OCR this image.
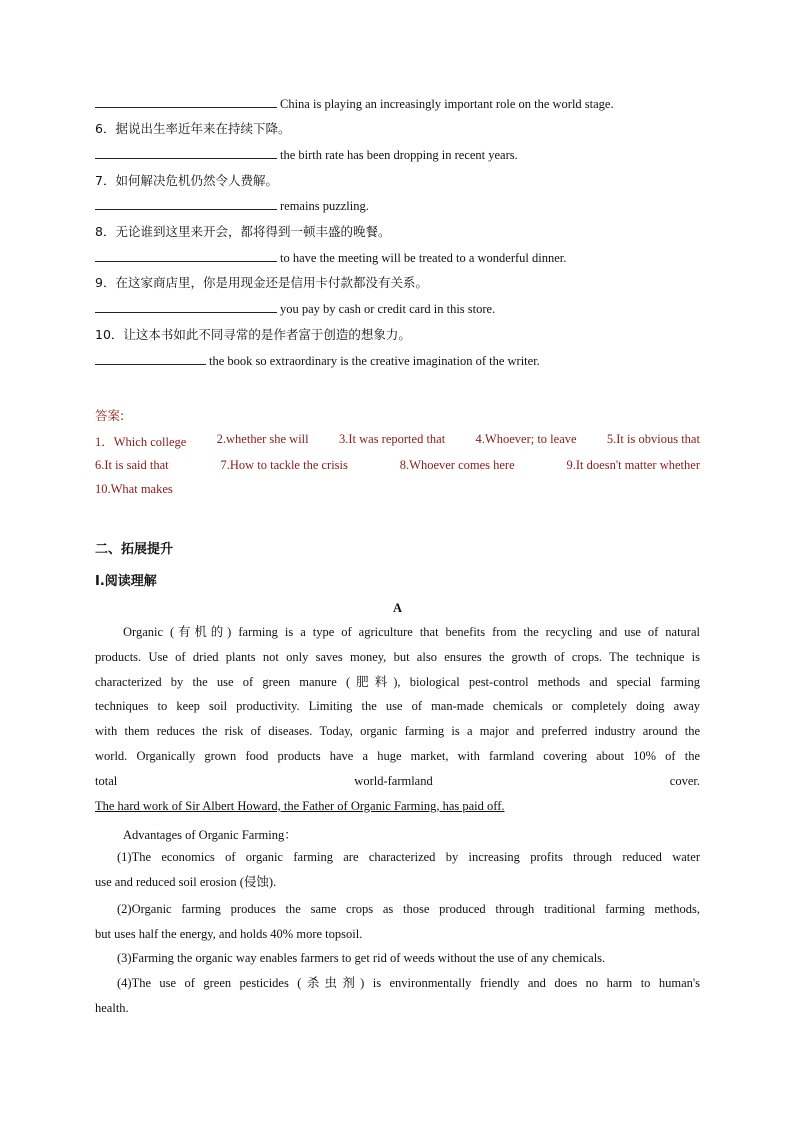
China is playing an increasingly important role on the world stage.
6．据说出生率近年来在持续下降。
the birth rate has been dropping in recent years.
7．如何解决危机仍然令人费解。
remains puzzling.
8．无论谁到这里来开会，都将得到一顿丰盛的晚餐。
to have the meeting will be treated to a wonderful dinner.
9．在这家商店里，你是用现金还是信用卡付款都没有关系。
you pay by cash or credit card in this store.
10．让这本书如此不同寻常的是作者富于创造的想象力。
the book so extraordinary is the creative imagination of the writer.
答案:
1．Which college 2.whether she will 3.It was reported that 4.Whoever; to leave 5.It is obvious that
6.It is said that	7.How to tackle the crisis	8.Whoever comes here	9.It doesn't matter whether
10.What makes
二、拓展提升
I.阅读理解
A
Organic (有机的) farming is a type of agriculture that benefits from the recycling and use of natural
products. Use of dried plants not only saves money, but also ensures the growth of crops. The technique is
characterized by the use of green manure (肥料), biological pest-control methods and special farming
techniques to keep soil productivity. Limiting the use of man-made chemicals or completely doing away
with them reduces the risk of diseases. Today, organic farming is a major and preferred industry around the
world. Organically grown food products have a huge market, with farmland covering about 10% of the
total world-farmland cover.
The hard work of Sir Albert Howard, the Father of Organic Farming, has paid off.
Advantages of Organic Farming：
(1)The economics of organic farming are characterized by increasing profits through reduced water
use and reduced soil erosion (侵蚀).
(2)Organic farming produces the same crops as those produced through traditional farming methods,
but uses half the energy, and holds 40% more topsoil.
(3)Farming the organic way enables farmers to get rid of weeds without the use of any chemicals.
(4)The use of green pesticides (杀虫剂) is environmentally friendly and does no harm to human's
health.
